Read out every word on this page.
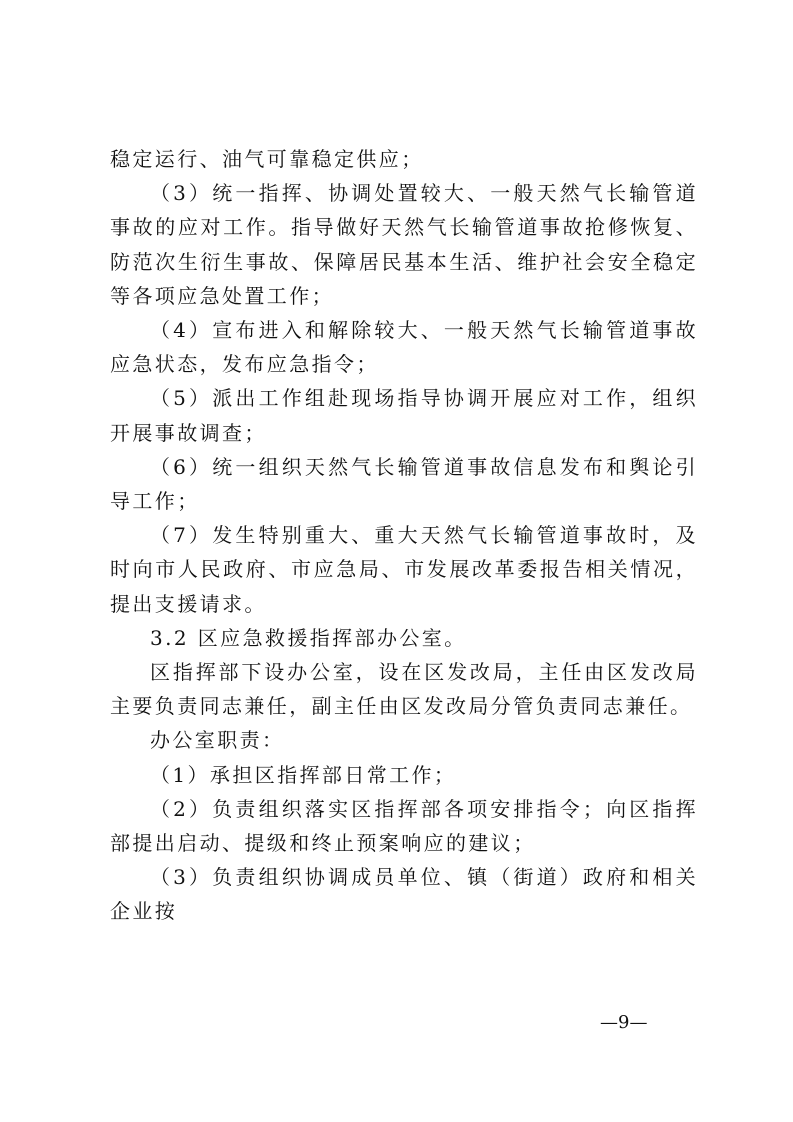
稳定运行、油气可靠稳定供应；

（3）统一指挥、协调处置较大、一般天然气长输管道事故的应对工作。指导做好天然气长输管道事故抢修恢复、防范次生衍生事故、保障居民基本生活、维护社会安全稳定等各项应急处置工作；

（4）宣布进入和解除较大、一般天然气长输管道事故应急状态，发布应急指令；

（5）派出工作组赴现场指导协调开展应对工作，组织开展事故调查；

（6）统一组织天然气长输管道事故信息发布和舆论引导工作；

（7）发生特别重大、重大天然气长输管道事故时，及时向市人民政府、市应急局、市发展改革委报告相关情况，提出支援请求。

3.2 区应急救援指挥部办公室。

区指挥部下设办公室，设在区发改局，主任由区发改局主要负责同志兼任，副主任由区发改局分管负责同志兼任。

办公室职责：

（1）承担区指挥部日常工作；

（2）负责组织落实区指挥部各项安排指令；向区指挥部提出启动、提级和终止预案响应的建议；

（3）负责组织协调成员单位、镇（街道）政府和相关企业按

—9—
